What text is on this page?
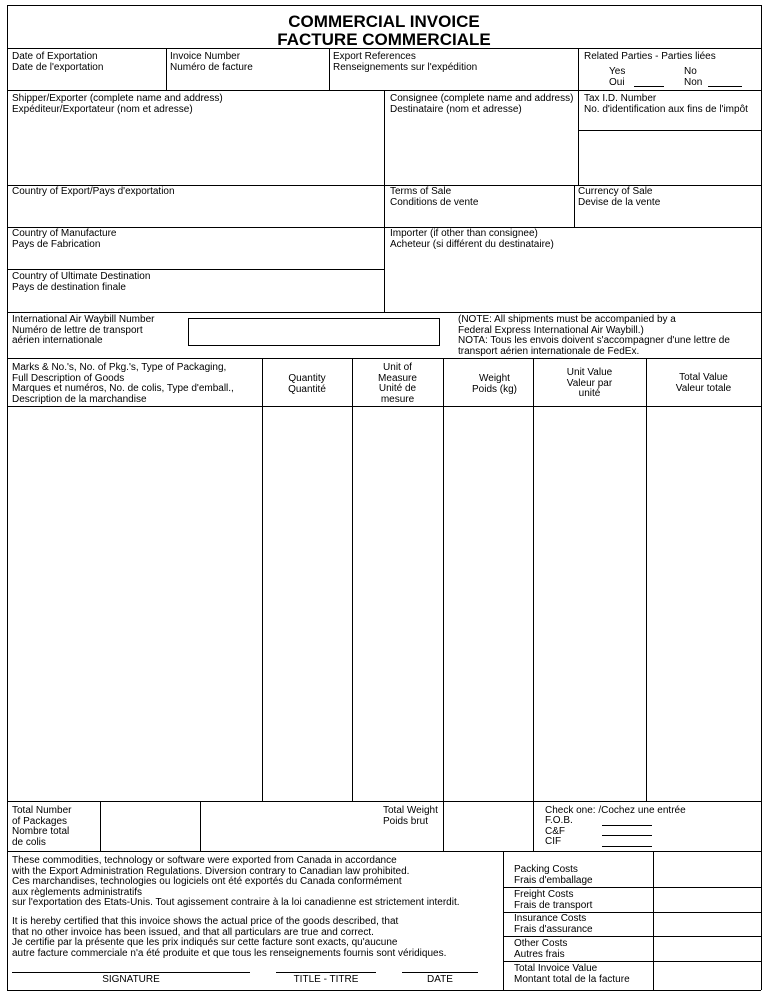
COMMERCIAL INVOICE
FACTURE COMMERCIALE
Date of Exportation
Date de l'exportation
Invoice Number
Numéro de facture
Export References
Renseignements sur l'expédition
Related Parties - Parties liées
Yes
Oui
No
Non
Shipper/Exporter (complete name and address)
Expéditeur/Exportateur (nom et adresse)
Consignee (complete name and address)
Destinataire (nom et adresse)
Tax I.D. Number
No. d'identification aux fins de l'impôt
Country of Export/Pays d'exportation	Terms of Sale
Conditions de vente
Currency of Sale
Devise de la vente
Country of Manufacture
Pays de Fabrication
Importer (if other than consignee)
Acheteur (si différent du destinataire)
Country of Ultimate Destination
Pays de destination finale
International Air Waybill Number
Numéro de lettre de transport
aérien internationale
(NOTE: All shipments must be accompanied by a
Federal Express International Air Waybill.)
NOTA: Tous les envois doivent s'accompagner d'une lettre de
transport aérien internationale de FedEx.
Marks & No.'s, No. of Pkg.'s, Type of Packaging,
Full Description of Goods
Marques et numéros, No. de colis, Type d'emball.,
Description de la marchandise
Quantity
Quantité
Unit of
Measure
Unité de
mesure
Weight
Poids (kg)
Unit Value
Valeur par
unité
Total Value
Valeur totale
Total Number
of Packages
Nombre total
de colis
Total Weight
Poids brut
Check one: /Cochez une entrée
F.O.B.
C&F
CIF
These commodities, technology or software were exported from Canada in accordance
with the Export Administration Regulations. Diversion contrary to Canadian law prohibited.
Ces marchandises, technologies ou logiciels ont été exportés du Canada conformément
aux règlements administratifs
sur l'exportation des Etats-Unis. Tout agissement contraire à la loi canadienne est strictement interdit.
It is hereby certified that this invoice shows the actual price of the goods described, that
that no other invoice has been issued, and that all particulars are true and correct.
Je certifie par la présente que les prix indiqués sur cette facture sont exacts, qu'aucune
autre facture commerciale n'a été produite et que tous les renseignements fournis sont véridiques.
Packing Costs
Frais d'emballage
Freight Costs
Frais de transport
Insurance Costs
Frais d'assurance
Other Costs
Autres frais
Total Invoice Value
Montant total de la facture
SIGNATURE	TITLE - TITRE	DATE
